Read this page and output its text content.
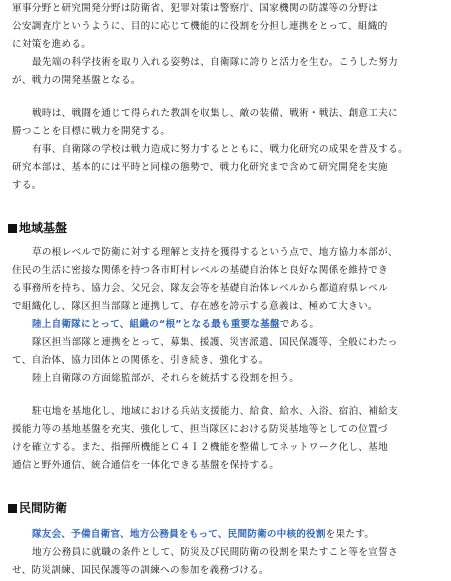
軍事分野と研究開発分野は防衛省、犯罪対策は警察庁、国家機関の防諜等の分野は
公安調査庁というように、目的に応じて機能的に役割を分担し連携をとって、組織的
に対策を進める。
最先端の科学技術を取り入れる姿勢は、自衛隊に誇りと活力を生む。こうした努力
が、戦力の開発基盤となる。
戦時は、戦闘を通じて得られた教訓を収集し、敵の装備、戦術・戦法、創意工夫に
勝つことを目標に戦力を開発する。
有事、自衛隊の学校は戦力造成に努力するとともに、戦力化研究の成果を普及する。
研究本部は、基本的には平時と同様の態勢で、戦力化研究まで含めて研究開発を実施
する。
地域基盤
草の根レベルで防衛に対する理解と支持を獲得するという点で、地方協力本部が、
住民の生活に密接な関係を持つ各市町村レベルの基礎自治体と良好な関係を維持でき
る事務所を持ち、協力会、父兄会、隊友会等を基礎自治体レベルから都道府県レベル
で組織化し、隊区担当部隊と連携して、存在感を誇示する意義は、極めて大きい。
陸上自衛隊にとって、組織の“根”となる最も重要な基盤である。
隊区担当部隊と連携をとって、募集、援護、災害派遣、国民保護等、全般にわたっ
て、自治体、協力団体との関係を、引き続き、強化する。
陸上自衛隊の方面総監部が、それらを統括する役割を担う。
駐屯地を基地化し、地域における兵站支援能力、給食、給水、入浴、宿泊、補給支
援能力等の基地基盤を充実、強化して、担当隊区における防災基地等としての位置づ
けを確立する。また、指揮所機能とＣ４Ｉ２機能を整備してネットワーク化し、基地
通信と野外通信、統合通信を一体化できる基盤を保持する。
民間防衛
隊友会、予備自衛官、地方公務員をもって、民間防衛の中核的役割を果たす。
地方公務員に就職の条件として、防災及び民間防衛の役割を果たすこと等を宣誓さ
せ、防災訓練、国民保護等の訓練への参加を義務づける。
